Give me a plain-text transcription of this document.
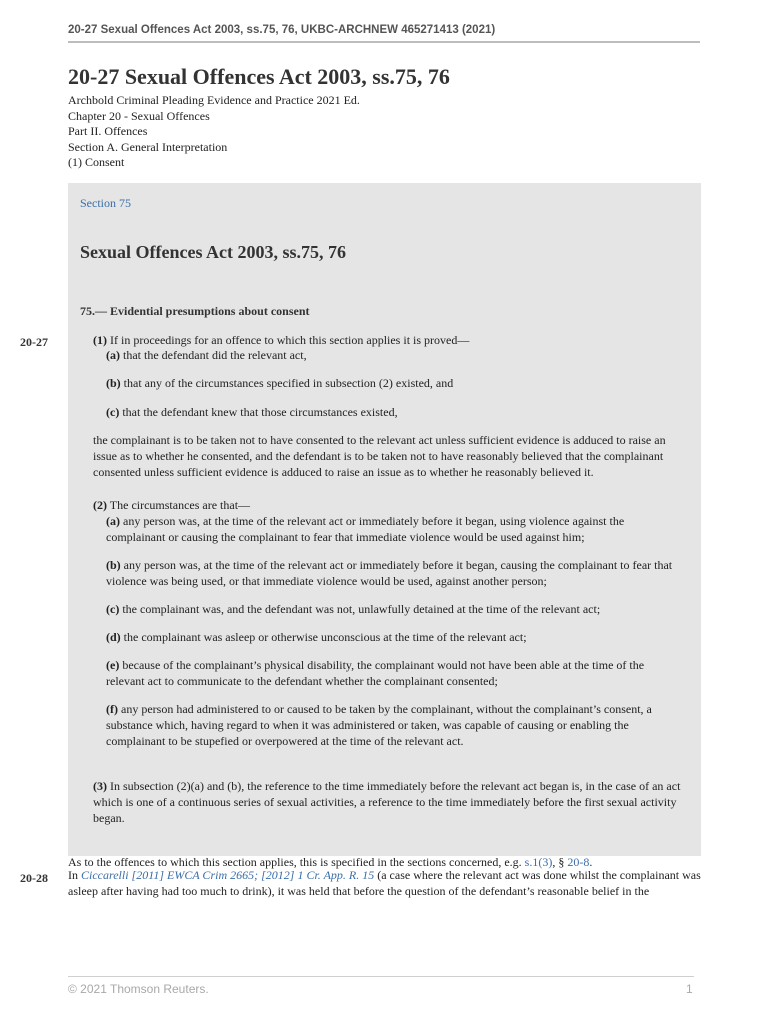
20-27 Sexual Offences Act 2003, ss.75, 76, UKBC-ARCHNEW 465271413 (2021)
20-27 Sexual Offences Act 2003, ss.75, 76
Archbold Criminal Pleading Evidence and Practice 2021 Ed.
Chapter 20 - Sexual Offences
Part II. Offences
Section A. General Interpretation
(1) Consent
Section 75
Sexual Offences Act 2003, ss.75, 76
75.— Evidential presumptions about consent
20-27	(1) If in proceedings for an offence to which this section applies it is proved—
(a) that the defendant did the relevant act,
(b) that any of the circumstances specified in subsection (2) existed, and
(c) that the defendant knew that those circumstances existed,
the complainant is to be taken not to have consented to the relevant act unless sufficient evidence is adduced to raise an issue as to whether he consented, and the defendant is to be taken not to have reasonably believed that the complainant consented unless sufficient evidence is adduced to raise an issue as to whether he reasonably believed it.
(2) The circumstances are that—
(a) any person was, at the time of the relevant act or immediately before it began, using violence against the complainant or causing the complainant to fear that immediate violence would be used against him;
(b) any person was, at the time of the relevant act or immediately before it began, causing the complainant to fear that violence was being used, or that immediate violence would be used, against another person;
(c) the complainant was, and the defendant was not, unlawfully detained at the time of the relevant act;
(d) the complainant was asleep or otherwise unconscious at the time of the relevant act;
(e) because of the complainant’s physical disability, the complainant would not have been able at the time of the relevant act to communicate to the defendant whether the complainant consented;
(f) any person had administered to or caused to be taken by the complainant, without the complainant’s consent, a substance which, having regard to when it was administered or taken, was capable of causing or enabling the complainant to be stupefied or overpowered at the time of the relevant act.
(3) In subsection (2)(a) and (b), the reference to the time immediately before the relevant act began is, in the case of an act which is one of a continuous series of sexual activities, a reference to the time immediately before the first sexual activity began.
As to the offences to which this section applies, this is specified in the sections concerned, e.g. s.1(3), § 20-8.
20-28 In Ciccarelli [2011] EWCA Crim 2665; [2012] 1 Cr. App. R. 15 (a case where the relevant act was done whilst the complainant was asleep after having had too much to drink), it was held that before the question of the defendant’s reasonable belief in the
© 2021 Thomson Reuters.	1
